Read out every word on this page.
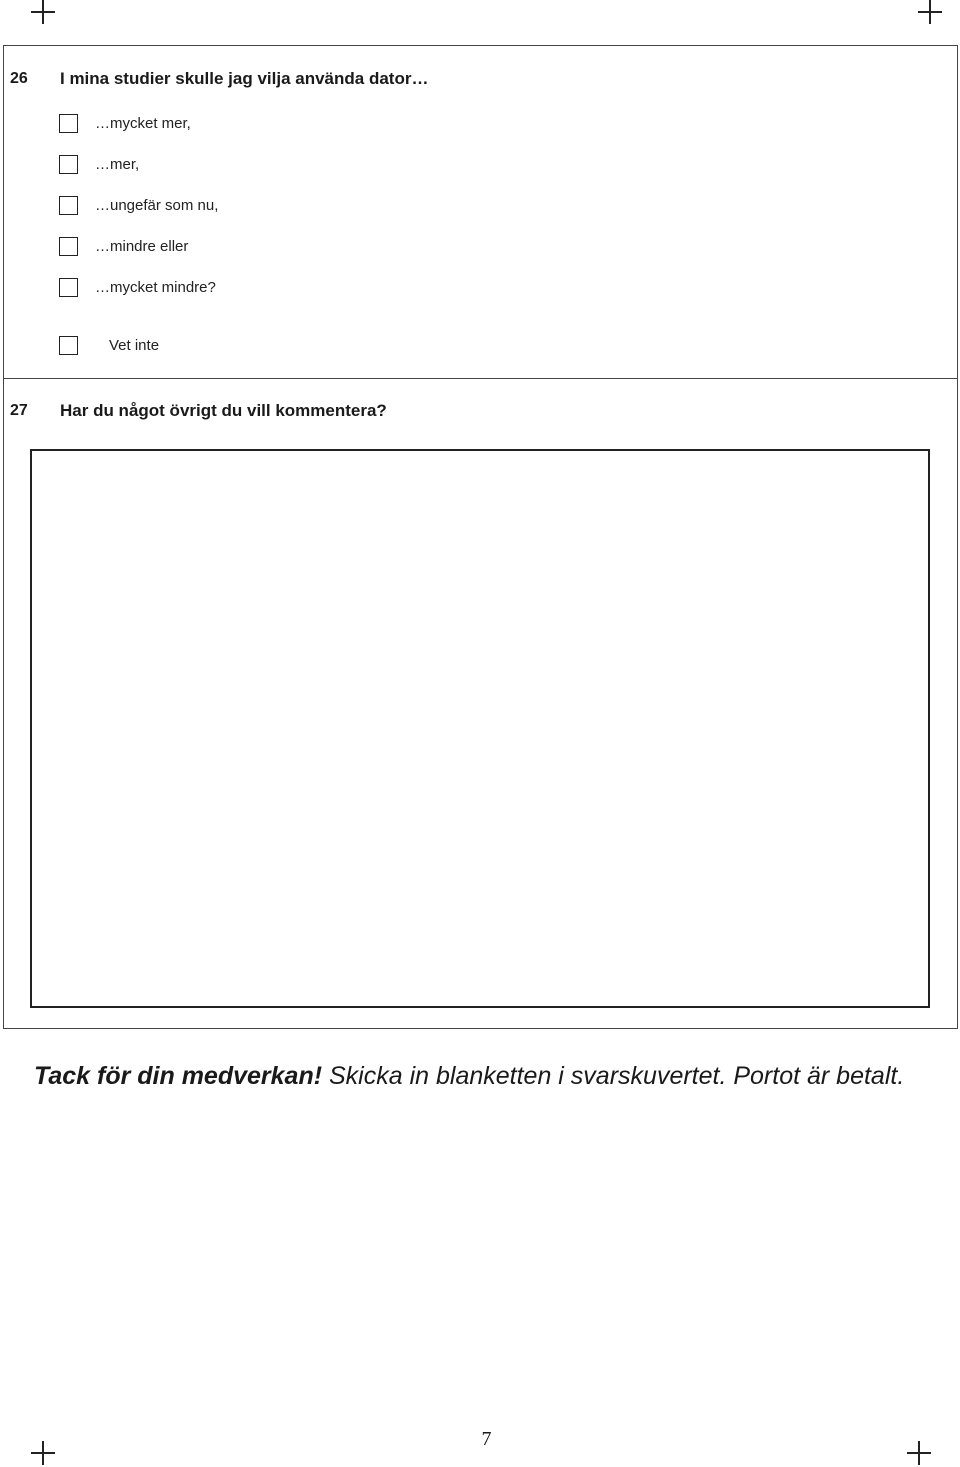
26 I mina studier skulle jag vilja använda dator…
…mycket mer,
…mer,
…ungefär som nu,
…mindre eller
…mycket mindre?
Vet inte
27 Har du något övrigt du vill kommentera?
Tack för din medverkan! Skicka in blanketten i svarskuvertet. Portot är betalt.
7
